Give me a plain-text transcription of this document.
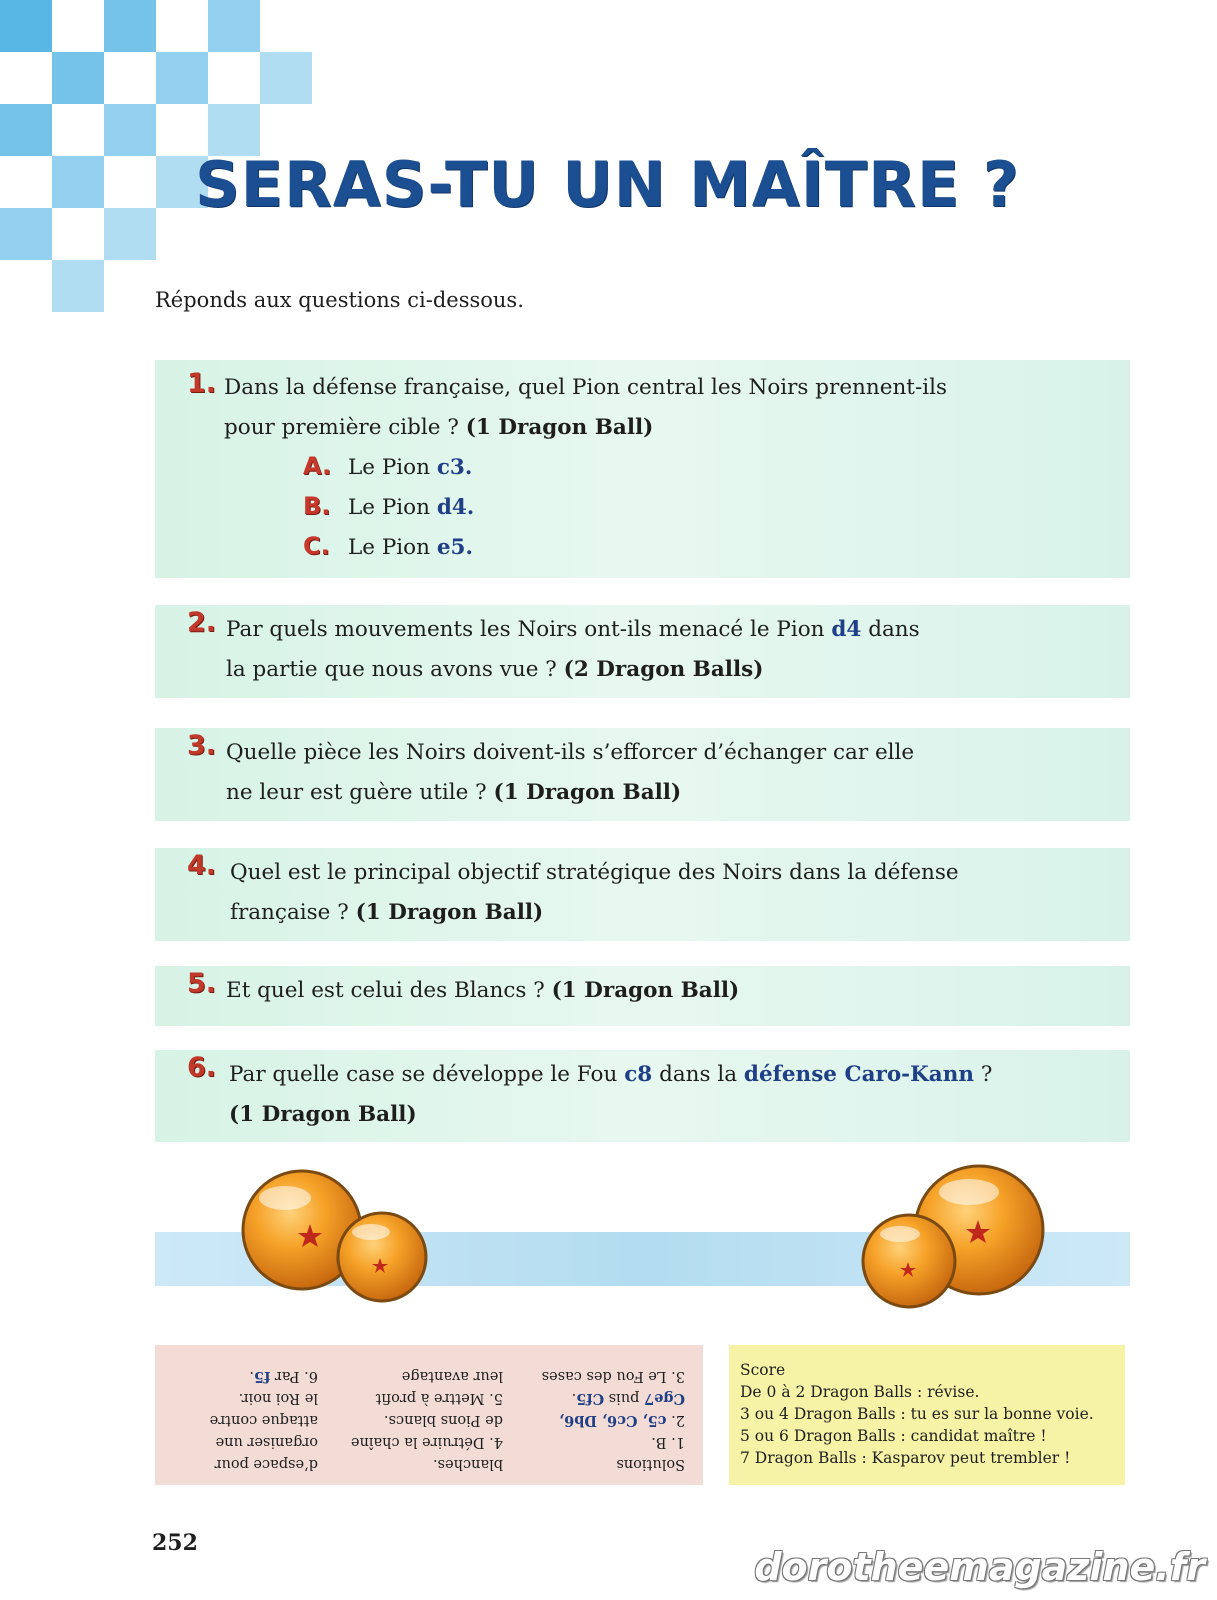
SERAS-TU UN MAÎTRE ?

Réponds aux questions ci-dessous.

1. Dans la défense française, quel Pion central les Noirs prennent-ils

pour première cible ? (1 Dragon Ball)

A. Le Pion c3.

B. Le Pion d4.

C. Le Pion e5.

2. Par quels mouvements les Noirs ont-ils menacé le Pion d4 dans

la partie que nous avons vue ? (2 Dragon Balls)

3. Quelle pièce les Noirs doivent-ils s’efforcer d’échanger car elle

ne leur est guère utile ? (1 Dragon Ball)

4. Quel est le principal objectif stratégique des Noirs dans la défense

française ? (1 Dragon Ball)

5. Et quel est celui des Blancs ? (1 Dragon Ball)

6. Par quelle case se développe le Fou c8 dans la défense Caro-Kann ?

(1 Dragon Ball)

Solutions

1. B.

2. c5, Cc6, Db6,

Cge7 puis Cf5.

3. Le Fou des cases

blanches.

4. Détruire la chaîne

de Pions blancs.

5. Mettre à profit

leur avantage

d’espace pour

organiser une

attaque contre

le Roi noir.

6. Par f5.	Score

De 0 à 2 Dragon Balls : révise.

3 ou 4 Dragon Balls : tu es sur la bonne voie.

5 ou 6 Dragon Balls : candidat maître !

7 Dragon Balls : Kasparov peut trembler !

252
dorotheemagazine.fr
